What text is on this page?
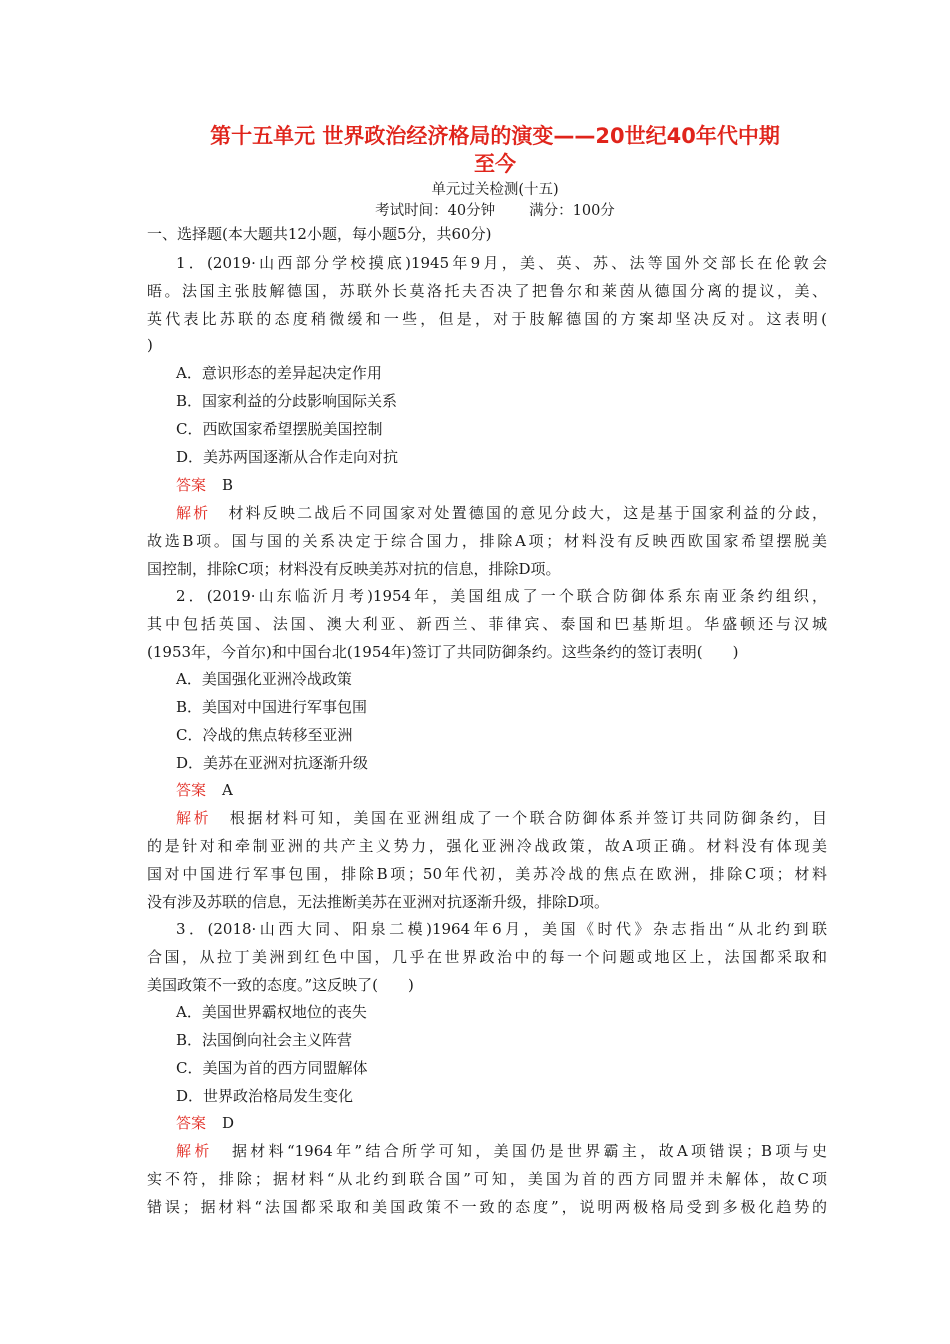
第十五单元 世界政治经济格局的演变——20世纪40年代中期
至今
单元过关检测(十五)
考试时间：40分钟 满分：100分
一、选择题(本大题共12小题，每小题5分，共60分)
1．(2019·山西部分学校摸底)1945年9月，美、英、苏、法等国外交部长在伦敦会
晤。法国主张肢解德国，苏联外长莫洛托夫否决了把鲁尔和莱茵从德国分离的提议，美、
英代表比苏联的态度稍微缓和一些，但是，对于肢解德国的方案却坚决反对。这表明(
)
A．意识形态的差异起决定作用
B．国家利益的分歧影响国际关系
C．西欧国家希望摆脱美国控制
D．美苏两国逐渐从合作走向对抗
答案 B
解析 材料反映二战后不同国家对处置德国的意见分歧大，这是基于国家利益的分歧，
故选B项。国与国的关系决定于综合国力，排除A项；材料没有反映西欧国家希望摆脱美
国控制，排除C项；材料没有反映美苏对抗的信息，排除D项。
2．(2019·山东临沂月考)1954年，美国组成了一个联合防御体系东南亚条约组织，
其中包括英国、法国、澳大利亚、新西兰、菲律宾、泰国和巴基斯坦。华盛顿还与汉城
(1953年，今首尔)和中国台北(1954年)签订了共同防御条约。这些条约的签订表明(　　)
A．美国强化亚洲冷战政策
B．美国对中国进行军事包围
C．冷战的焦点转移至亚洲
D．美苏在亚洲对抗逐渐升级
答案 A
解析 根据材料可知，美国在亚洲组成了一个联合防御体系并签订共同防御条约，目
的是针对和牵制亚洲的共产主义势力，强化亚洲冷战政策，故A项正确。材料没有体现美
国对中国进行军事包围，排除B项；50年代初，美苏冷战的焦点在欧洲，排除C项；材料
没有涉及苏联的信息，无法推断美苏在亚洲对抗逐渐升级，排除D项。
3．(2018·山西大同、阳泉二模)1964年6月，美国《时代》杂志指出“从北约到联
合国，从拉丁美洲到红色中国，几乎在世界政治中的每一个问题或地区上，法国都采取和
美国政策不一致的态度。”这反映了(　　)
A．美国世界霸权地位的丧失
B．法国倒向社会主义阵营
C．美国为首的西方同盟解体
D．世界政治格局发生变化
答案 D
解析 据材料“1964年”结合所学可知，美国仍是世界霸主，故A项错误；B项与史
实不符，排除；据材料“从北约到联合国”可知，美国为首的西方同盟并未解体，故C项
错误；据材料“法国都采取和美国政策不一致的态度”，说明两极格局受到多极化趋势的
